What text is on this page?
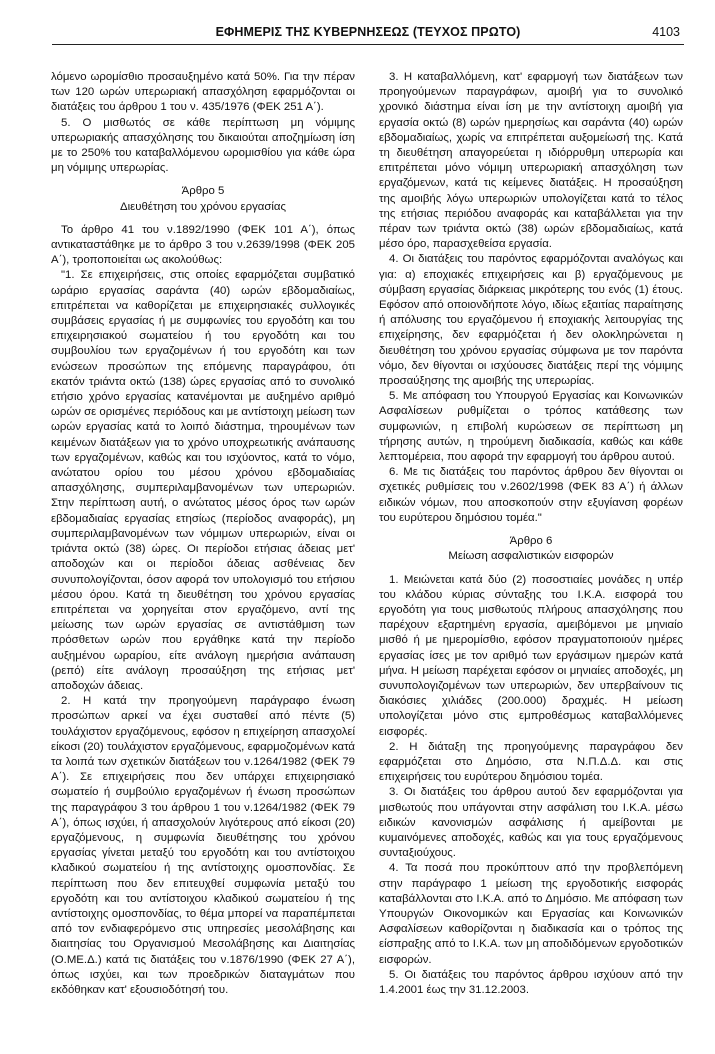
ΕΦΗΜΕΡΙΣ ΤΗΣ ΚΥΒΕΡΝΗΣΕΩΣ (ΤΕΥΧΟΣ ΠΡΩΤΟ)	4103

λόμενο ωρομίσθιο προσαυξημένο κατά 50%. Για την πέραν των 120 ωρών υπερωριακή απασχόληση εφαρμόζονται οι διατάξεις του άρθρου 1 του ν. 435/1976 (ΦΕΚ 251 Α΄).

5. Ο μισθωτός σε κάθε περίπτωση μη νόμιμης υπερωριακής απασχόλησης του δικαιούται αποζημίωση ίση με το 250% του καταβαλλόμενου ωρομισθίου για κάθε ώρα μη νόμιμης υπερωρίας.

Άρθρο 5

Διευθέτηση του χρόνου εργασίας

Το άρθρο 41 του ν.1892/1990 (ΦΕΚ 101 Α΄), όπως αντικαταστάθηκε με το άρθρο 3 του ν.2639/1998 (ΦΕΚ 205 Α΄), τροποποιείται ως ακολούθως:

"1. Σε επιχειρήσεις, στις οποίες εφαρμόζεται συμβατικό ωράριο εργασίας σαράντα (40) ωρών εβδομαδιαίως, επιτρέπεται να καθορίζεται με επιχειρησιακές συλλογικές συμβάσεις εργασίας ή με συμφωνίες του εργοδότη και του επιχειρησιακού σωματείου ή του εργοδότη και του συμβουλίου των εργαζομένων ή του εργοδότη και των ενώσεων προσώπων της επόμενης παραγράφου, ότι εκατόν τριάντα οκτώ (138) ώρες εργασίας από το συνολικό ετήσιο χρόνο εργασίας κατανέμονται με αυξημένο αριθμό ωρών σε ορισμένες περιόδους και με αντίστοιχη μείωση των ωρών εργασίας κατά το λοιπό διάστημα, τηρουμένων των κειμένων διατάξεων για το χρόνο υποχρεωτικής ανάπαυσης των εργαζομένων, καθώς και του ισχύοντος, κατά το νόμο, ανώτατου ορίου του μέσου χρόνου εβδομαδιαίας απασχόλησης, συμπεριλαμβανομένων των υπερωριών. Στην περίπτωση αυτή, ο ανώτατος μέσος όρος των ωρών εβδομαδιαίας εργασίας ετησίως (περίοδος αναφοράς), μη συμπεριλαμβανομένων των νόμιμων υπερωριών, είναι οι τριάντα οκτώ (38) ώρες. Οι περίοδοι ετήσιας άδειας μετ' αποδοχών και οι περίοδοι άδειας ασθένειας δεν συνυπολογίζονται, όσον αφορά τον υπολογισμό του ετήσιου μέσου όρου. Κατά τη διευθέτηση του χρόνου εργασίας επιτρέπεται να χορηγείται στον εργαζόμενο, αντί της μείωσης των ωρών εργασίας σε αντιστάθμιση των πρόσθετων ωρών που εργάθηκε κατά την περίοδο αυξημένου ωραρίου, είτε ανάλογη ημερήσια ανάπαυση (ρεπό) είτε ανάλογη προσαύξηση της ετήσιας μετ' αποδοχών άδειας.

2. Η κατά την προηγούμενη παράγραφο ένωση προσώπων αρκεί να έχει συσταθεί από πέντε (5) τουλάχιστον εργαζόμενους, εφόσον η επιχείρηση απασχολεί είκοσι (20) τουλάχιστον εργαζόμενους, εφαρμοζομένων κατά τα λοιπά των σχετικών διατάξεων του ν.1264/1982 (ΦΕΚ 79 Α΄). Σε επιχειρήσεις που δεν υπάρχει επιχειρησιακό σωματείο ή συμβούλιο εργαζομένων ή ένωση προσώπων της παραγράφου 3 του άρθρου 1 του ν.1264/1982 (ΦΕΚ 79 Α΄), όπως ισχύει, ή απασχολούν λιγότερους από είκοσι (20) εργαζόμενους, η συμφωνία διευθέτησης του χρόνου εργασίας γίνεται μεταξύ του εργοδότη και του αντίστοιχου κλαδικού σωματείου ή της αντίστοιχης ομοσπονδίας. Σε περίπτωση που δεν επιτευχθεί συμφωνία μεταξύ του εργοδότη και του αντίστοιχου κλαδικού σωματείου ή της αντίστοιχης ομοσπονδίας, το θέμα μπορεί να παραπέμπεται από τον ενδιαφερόμενο στις υπηρεσίες μεσολάβησης και διαιτησίας του Οργανισμού Μεσολάβησης και Διαιτησίας (Ο.ΜΕ.Δ.) κατά τις διατάξεις του ν.1876/1990 (ΦΕΚ 27 Α΄), όπως ισχύει, και των προεδρικών διαταγμάτων που εκδόθηκαν κατ' εξουσιοδότησή του.

3. Η καταβαλλόμενη, κατ' εφαρμογή των διατάξεων των προηγούμενων παραγράφων, αμοιβή για το συνολικό χρονικό διάστημα είναι ίση με την αντίστοιχη αμοιβή για εργασία οκτώ (8) ωρών ημερησίως και σαράντα (40) ωρών εβδομαδιαίως, χωρίς να επιτρέπεται αυξομείωσή της. Κατά τη διευθέτηση απαγορεύεται η ιδιόρρυθμη υπερωρία και επιτρέπεται μόνο νόμιμη υπερωριακή απασχόληση των εργαζόμενων, κατά τις κείμενες διατάξεις. Η προσαύξηση της αμοιβής λόγω υπερωριών υπολογίζεται κατά το τέλος της ετήσιας περιόδου αναφοράς και καταβάλλεται για την πέραν των τριάντα οκτώ (38) ωρών εβδομαδιαίως, κατά μέσο όρο, παρασχεθείσα εργασία.

4. Οι διατάξεις του παρόντος εφαρμόζονται αναλόγως και για: α) εποχιακές επιχειρήσεις και β) εργαζόμενους με σύμβαση εργασίας διάρκειας μικρότερης του ενός (1) έτους. Εφόσον από οποιονδήποτε λόγο, ιδίως εξαιτίας παραίτησης ή απόλυσης του εργαζόμενου ή εποχιακής λειτουργίας της επιχείρησης, δεν εφαρμόζεται ή δεν ολοκληρώνεται η διευθέτηση του χρόνου εργασίας σύμφωνα με τον παρόντα νόμο, δεν θίγονται οι ισχύουσες διατάξεις περί της νόμιμης προσαύξησης της αμοιβής της υπερωρίας.

5. Με απόφαση του Υπουργού Εργασίας και Κοινωνικών Ασφαλίσεων ρυθμίζεται ο τρόπος κατάθεσης των συμφωνιών, η επιβολή κυρώσεων σε περίπτωση μη τήρησης αυτών, η τηρούμενη διαδικασία, καθώς και κάθε λεπτομέρεια, που αφορά την εφαρμογή του άρθρου αυτού.

6. Με τις διατάξεις του παρόντος άρθρου δεν θίγονται οι σχετικές ρυθμίσεις του ν.2602/1998 (ΦΕΚ 83 Α΄) ή άλλων ειδικών νόμων, που αποσκοπούν στην εξυγίανση φορέων του ευρύτερου δημόσιου τομέα."

Άρθρο 6

Μείωση ασφαλιστικών εισφορών

1. Μειώνεται κατά δύο (2) ποσοστιαίες μονάδες η υπέρ του κλάδου κύριας σύνταξης του Ι.Κ.Α. εισφορά του εργοδότη για τους μισθωτούς πλήρους απασχόλησης που παρέχουν εξαρτημένη εργασία, αμειβόμενοι με μηνιαίο μισθό ή με ημερομίσθιο, εφόσον πραγματοποιούν ημέρες εργασίας ίσες με τον αριθμό των εργάσιμων ημερών κατά μήνα. Η μείωση παρέχεται εφόσον οι μηνιαίες αποδοχές, μη συνυπολογιζομένων των υπερωριών, δεν υπερβαίνουν τις διακόσιες χιλιάδες (200.000) δραχμές. Η μείωση υπολογίζεται μόνο στις εμπροθέσμως καταβαλλόμενες εισφορές.

2. Η διάταξη της προηγούμενης παραγράφου δεν εφαρμόζεται στο Δημόσιο, στα Ν.Π.Δ.Δ. και στις επιχειρήσεις του ευρύτερου δημόσιου τομέα.

3. Οι διατάξεις του άρθρου αυτού δεν εφαρμόζονται για μισθωτούς που υπάγονται στην ασφάλιση του Ι.Κ.Α. μέσω ειδικών κανονισμών ασφάλισης ή αμείβονται με κυμαινόμενες αποδοχές, καθώς και για τους εργαζόμενους συνταξιούχους.

4. Τα ποσά που προκύπτουν από την προβλεπόμενη στην παράγραφο 1 μείωση της εργοδοτικής εισφοράς καταβάλλονται στο Ι.Κ.Α. από το Δημόσιο. Με απόφαση των Υπουργών Οικονομικών και Εργασίας και Κοινωνικών Ασφαλίσεων καθορίζονται η διαδικασία και ο τρόπος της είσπραξης από το Ι.Κ.Α. των μη αποδιδόμενων εργοδοτικών εισφορών.

5. Οι διατάξεις του παρόντος άρθρου ισχύουν από την 1.4.2001 έως την 31.12.2003.
